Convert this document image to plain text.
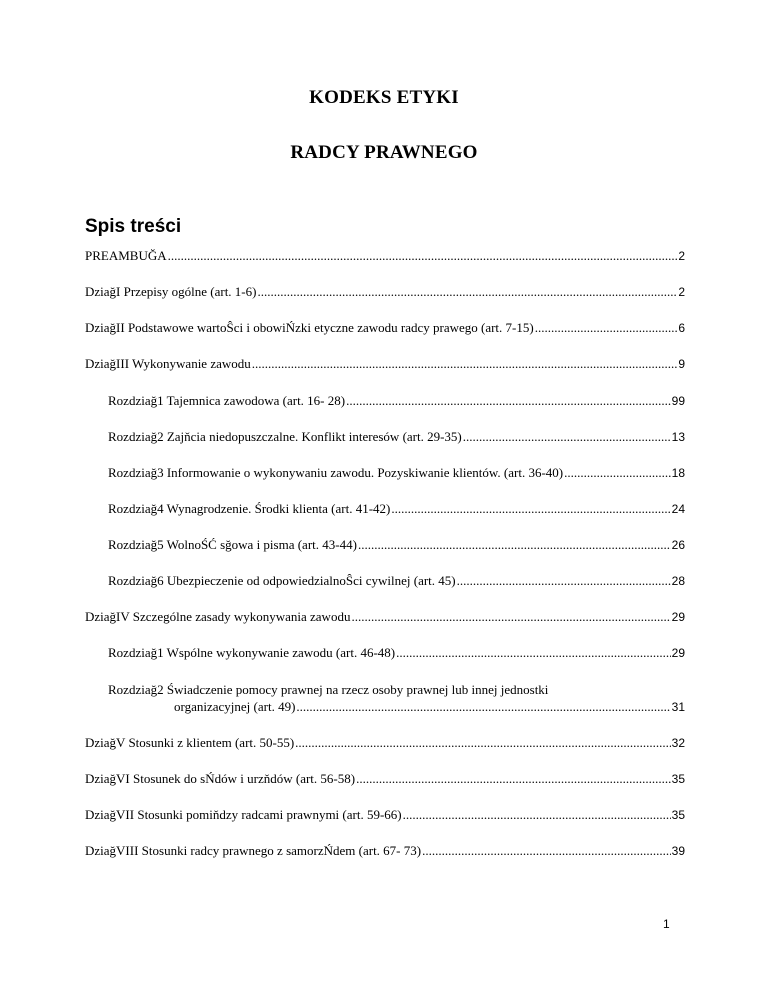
KODEKS ETYKI
RADCY PRAWNEGO
Spis treści
PREAMBUĞA .....	2
DziağI Przepisy ogólne (art. 1-6) .....	2
DziağII Podstawowe wartoŜci i obowiŃzki etyczne zawodu radcy prawego (art. 7-15) .....	6
DziağIII Wykonywanie zawodu .....	9
Rozdziağ1 Tajemnica zawodowa (art. 16- 28) .....	99
Rozdziağ2 Zajňcia niedopuszczalne. Konflikt interesów (art. 29-35) .....	13
Rozdziağ3 Informowanie o wykonywaniu zawodu. Pozyskiwanie klientów. (art. 36-40) .....	18
Rozdziağ4 Wynagrodzenie. Środki klienta (art. 41-42) .....	24
Rozdziağ5 WolnoŚĆ sğowa i pisma (art. 43-44) .....	26
Rozdziağ6 Ubezpieczenie od odpowiedzialnoŜci cywilnej (art. 45) .....	28
DziağIV Szczególne zasady wykonywania zawodu .....	29
Rozdziağ1 Wspólne wykonywanie zawodu (art. 46-48) .....	29
Rozdziağ2 Świadczenie pomocy prawnej na rzecz osoby prawnej lub innej jednostki
organizacyjnej (art. 49) .....	31
DziağV Stosunki z klientem (art. 50-55) .....	32
DziağVI Stosunek do sŃdów i urzňdów (art. 56-58) .....	35
DziağVII Stosunki pomiňdzy radcami prawnymi (art. 59-66) .....	35
DziağVIII Stosunki radcy prawnego z samorzŃdem (art. 67- 73) .....	39
1
